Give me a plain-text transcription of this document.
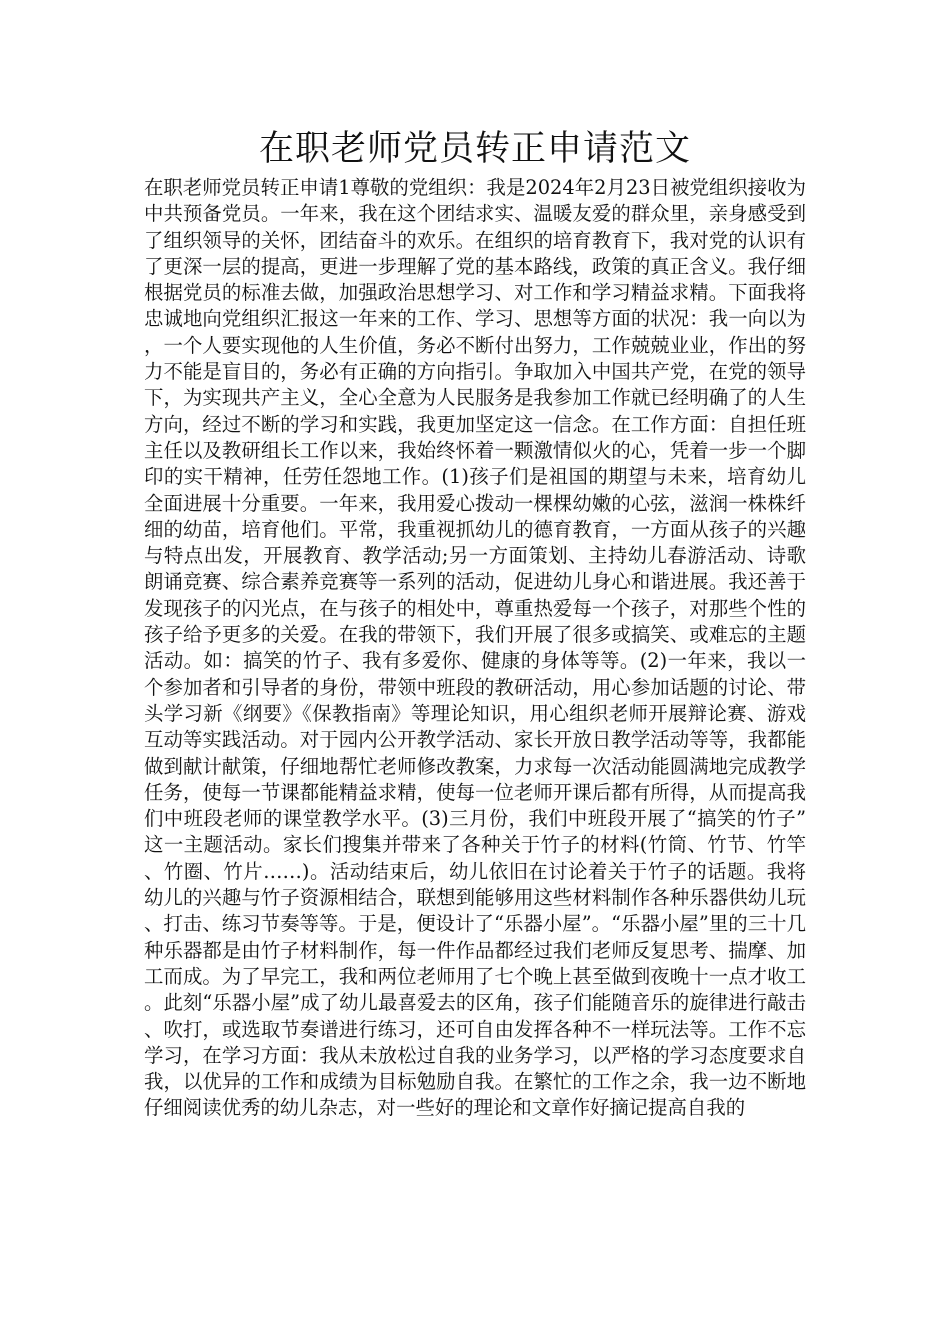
在职老师党员转正申请范文

在职老师党员转正申请1尊敬的党组织：我是2024年2月23日被党组织接收为中共预备党员。一年来，我在这个团结求实、温暖友爱的群众里，亲身感受到了组织领导的关怀，团结奋斗的欢乐。在组织的培育教育下，我对党的认识有了更深一层的提高，更进一步理解了党的基本路线，政策的真正含义。我仔细根据党员的标准去做，加强政治思想学习、对工作和学习精益求精。下面我将忠诚地向党组织汇报这一年来的工作、学习、思想等方面的状况：我一向以为，一个人要实现他的人生价值，务必不断付出努力，工作兢兢业业，作出的努力不能是盲目的，务必有正确的方向指引。争取加入中国共产党，在党的领导下，为实现共产主义，全心全意为人民服务是我参加工作就已经明确了的人生方向，经过不断的学习和实践，我更加坚定这一信念。在工作方面：自担任班主任以及教研组长工作以来，我始终怀着一颗激情似火的心，凭着一步一个脚印的实干精神，任劳任怨地工作。(1)孩子们是祖国的期望与未来，培育幼儿全面进展十分重要。一年来，我用爱心拨动一棵棵幼嫩的心弦，滋润一株株纤细的幼苗，培育他们。平常，我重视抓幼儿的德育教育，一方面从孩子的兴趣与特点出发，开展教育、教学活动;另一方面策划、主持幼儿春游活动、诗歌朗诵竞赛、综合素养竞赛等一系列的活动，促进幼儿身心和谐进展。我还善于发现孩子的闪光点，在与孩子的相处中，尊重热爱每一个孩子，对那些个性的孩子给予更多的关爱。在我的带领下，我们开展了很多或搞笑、或难忘的主题活动。如：搞笑的竹子、我有多爱你、健康的身体等等。(2)一年来，我以一个参加者和引导者的身份，带领中班段的教研活动，用心参加话题的讨论、带头学习新《纲要》《保教指南》等理论知识，用心组织老师开展辩论赛、游戏互动等实践活动。对于园内公开教学活动、家长开放日教学活动等等，我都能做到献计献策，仔细地帮忙老师修改教案，力求每一次活动能圆满地完成教学任务，使每一节课都能精益求精，使每一位老师开课后都有所得，从而提高我们中班段老师的课堂教学水平。(3)三月份，我们中班段开展了“搞笑的竹子”这一主题活动。家长们搜集并带来了各种关于竹子的材料(竹筒、竹节、竹竿、竹圈、竹片……)。活动结束后，幼儿依旧在讨论着关于竹子的话题。我将幼儿的兴趣与竹子资源相结合，联想到能够用这些材料制作各种乐器供幼儿玩、打击、练习节奏等等。于是，便设计了“乐器小屋”。“乐器小屋”里的三十几种乐器都是由竹子材料制作，每一件作品都经过我们老师反复思考、揣摩、加工而成。为了早完工，我和两位老师用了七个晚上甚至做到夜晚十一点才收工。此刻“乐器小屋”成了幼儿最喜爱去的区角，孩子们能随音乐的旋律进行敲击、吹打，或选取节奏谱进行练习，还可自由发挥各种不一样玩法等。工作不忘学习，在学习方面：我从未放松过自我的业务学习，以严格的学习态度要求自我，以优异的工作和成绩为目标勉励自我。在繁忙的工作之余，我一边不断地仔细阅读优秀的幼儿杂志，对一些好的理论和文章作好摘记提高自我的
